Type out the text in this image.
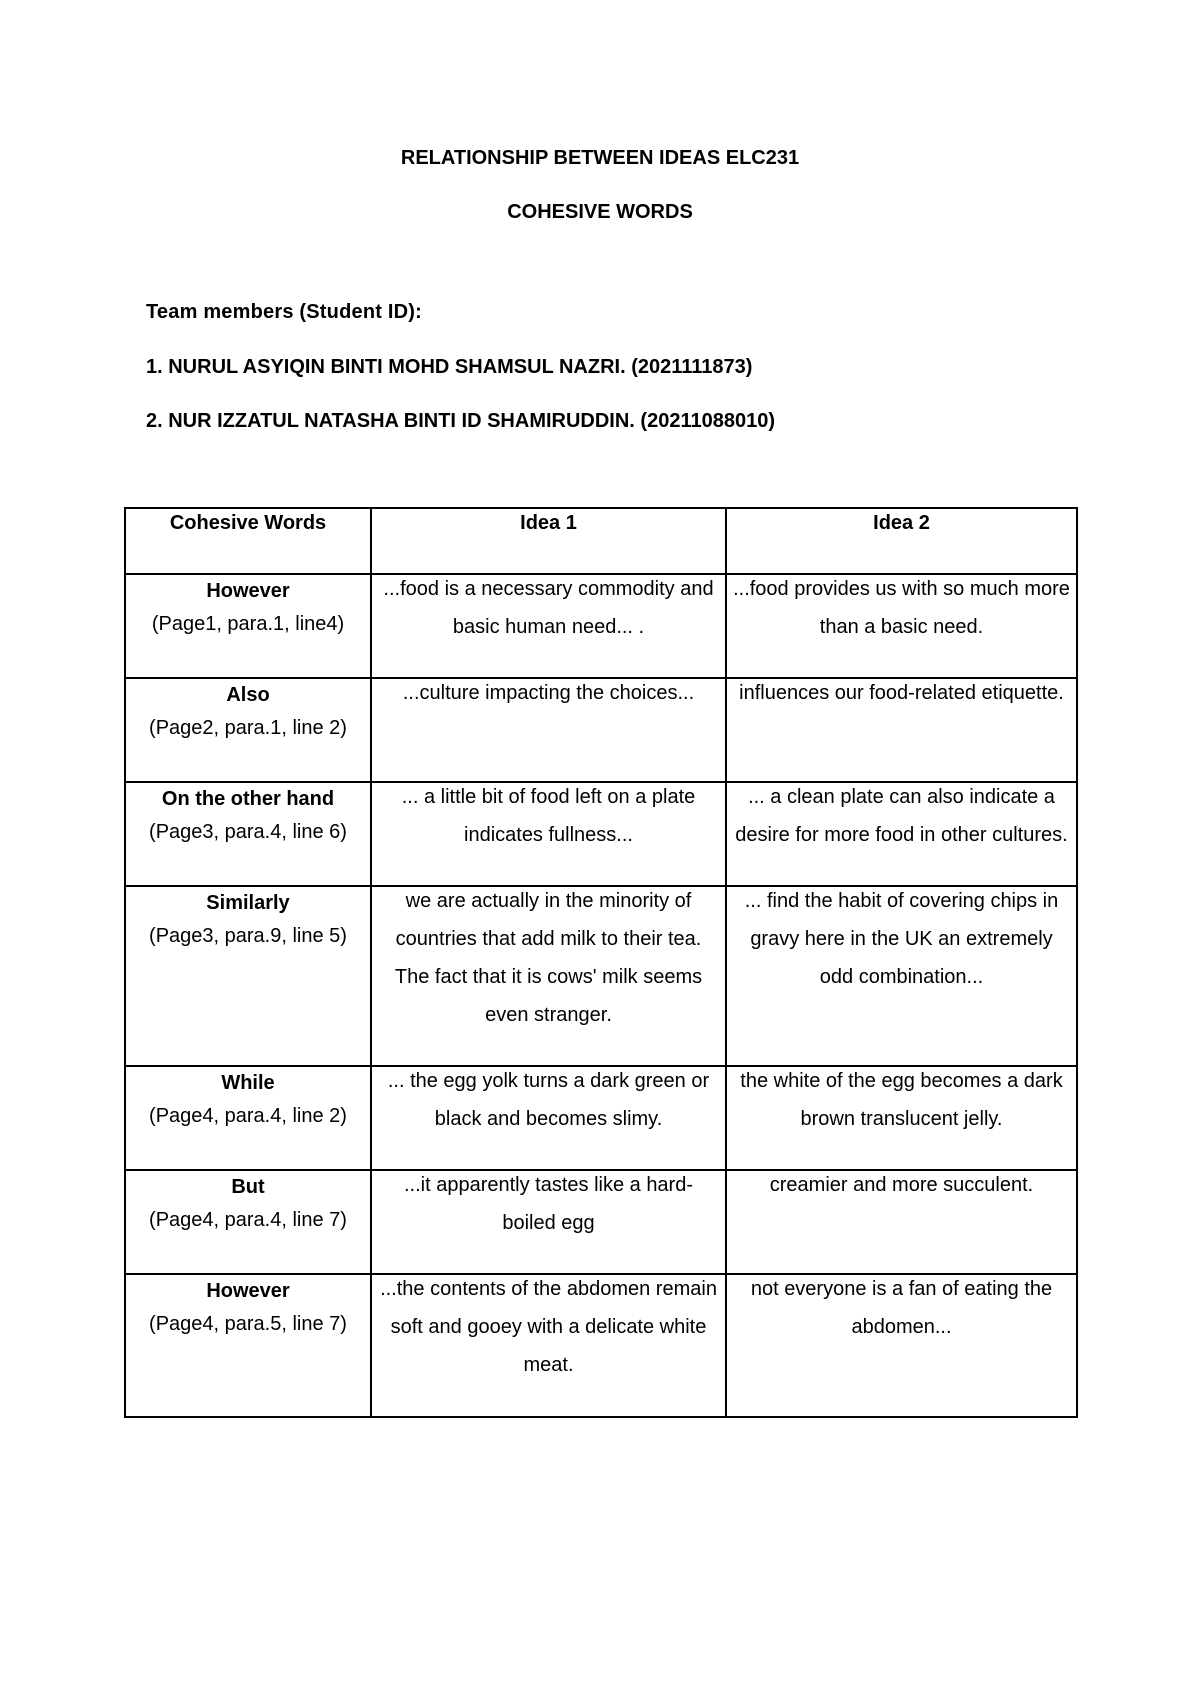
RELATIONSHIP BETWEEN IDEAS ELC231
COHESIVE WORDS
Team members (Student ID):
1. NURUL ASYIQIN BINTI MOHD SHAMSUL NAZRI. (2021111873)
2. NUR IZZATUL NATASHA BINTI ID SHAMIRUDDIN. (20211088010)
Cohesive Words	Idea 1	Idea 2

However
(Page1, para.1, line4)	...food is a necessary commodity and basic human need... .	...food provides us with so much more than a basic need.

Also
(Page2, para.1, line 2)	...culture impacting the choices...	influences our food-related etiquette.

On the other hand
(Page3, para.4, line 6)	... a little bit of food left on a plate indicates fullness...	... a clean plate can also indicate a desire for more food in other cultures.

Similarly
(Page3, para.9, line 5)	we are actually in the minority of countries that add milk to their tea. The fact that it is cows' milk seems even stranger.	... find the habit of covering chips in gravy here in the UK an extremely odd combination...

While
(Page4, para.4, line 2)	... the egg yolk turns a dark green or black and becomes slimy.	the white of the egg becomes a dark brown translucent jelly.

But
(Page4, para.4, line 7)	...it apparently tastes like a hard-boiled egg	creamier and more succulent.

However
(Page4, para.5, line 7)	...the contents of the abdomen remain soft and gooey with a delicate white meat.	not everyone is a fan of eating the abdomen...
